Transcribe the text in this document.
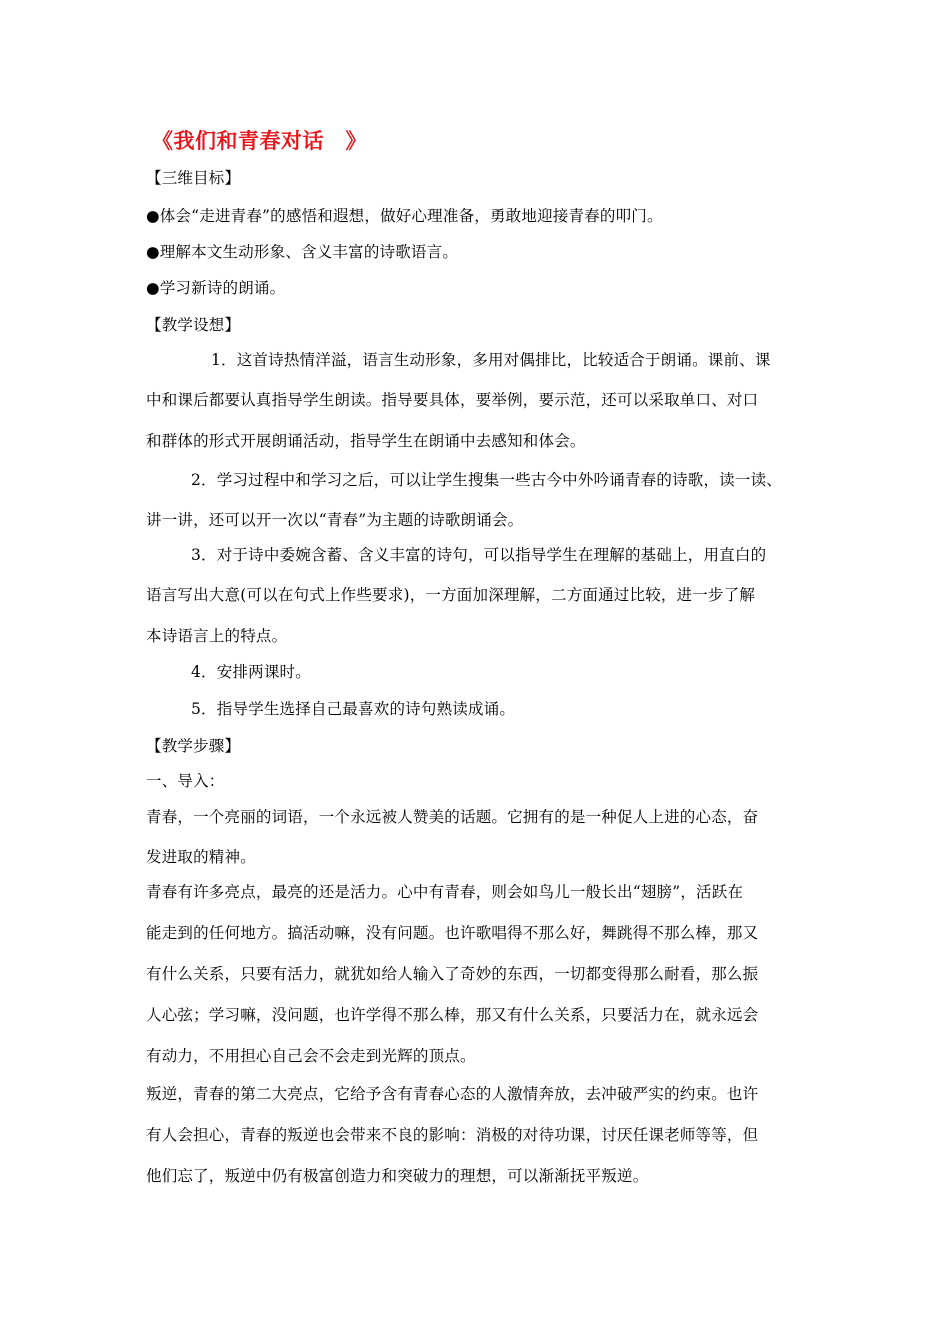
《我们和青春对话　》
【三维目标】
●体会“走进青春”的感悟和遐想，做好心理准备，勇敢地迎接青春的叩门。
●理解本文生动形象、含义丰富的诗歌语言。
●学习新诗的朗诵。
【教学设想】
1．这首诗热情洋溢，语言生动形象，多用对偶排比，比较适合于朗诵。课前、课
中和课后都要认真指导学生朗读。指导要具体，要举例，要示范，还可以采取单口、对口
和群体的形式开展朗诵活动，指导学生在朗诵中去感知和体会。
2．学习过程中和学习之后，可以让学生搜集一些古今中外吟诵青春的诗歌，读一读、
讲一讲，还可以开一次以“青春”为主题的诗歌朗诵会。
3．对于诗中委婉含蓄、含义丰富的诗句，可以指导学生在理解的基础上，用直白的
语言写出大意(可以在句式上作些要求)，一方面加深理解，二方面通过比较，进一步了解
本诗语言上的特点。
4．安排两课时。
5．指导学生选择自己最喜欢的诗句熟读成诵。
【教学步骤】
一、导入：
青春，一个亮丽的词语，一个永远被人赞美的话题。它拥有的是一种促人上进的心态，奋
发进取的精神。
青春有许多亮点，最亮的还是活力。心中有青春，则会如鸟儿一般长出“翅膀”，活跃在
能走到的任何地方。搞活动嘛，没有问题。也许歌唱得不那么好，舞跳得不那么棒，那又
有什么关系，只要有活力，就犹如给人输入了奇妙的东西，一切都变得那么耐看，那么振
人心弦；学习嘛，没问题，也许学得不那么棒，那又有什么关系，只要活力在，就永远会
有动力，不用担心自己会不会走到光辉的顶点。
叛逆，青春的第二大亮点，它给予含有青春心态的人激情奔放，去冲破严实的约束。也许
有人会担心，青春的叛逆也会带来不良的影响：消极的对待功课，讨厌任课老师等等，但
他们忘了，叛逆中仍有极富创造力和突破力的理想，可以渐渐抚平叛逆。
